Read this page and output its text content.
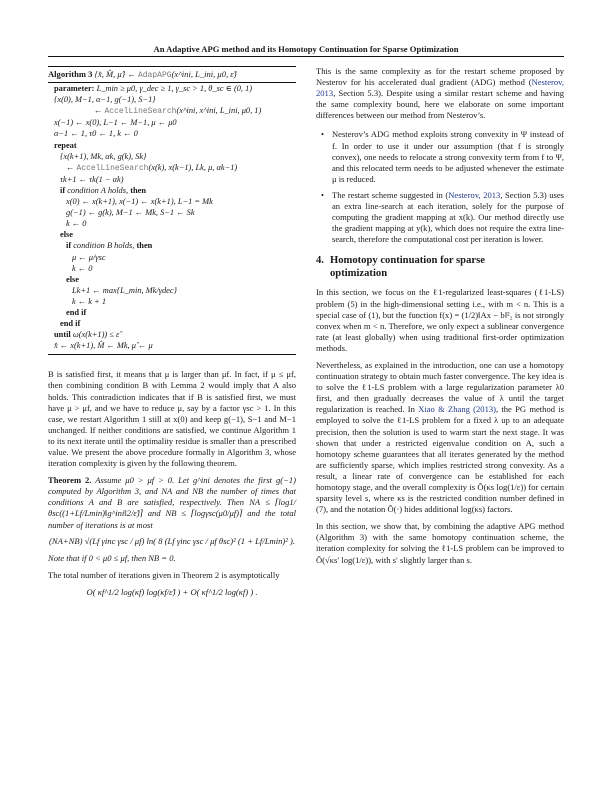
An Adaptive APG method and its Homotopy Continuation for Sparse Optimization
Algorithm 3 {x̂, M̂, μ̂} ← AdapAPG(x^ini, L_ini, μ0, ε̂)
parameter: L_min ≥ μ0, γ_dec ≥ 1, γ_sc > 1, θ_sc ∈ (0, 1)
{x(0), M−1, α−1, g(−1), S−1}
← AccelLineSearch(x^ini, x^ini, L_ini, μ0, 1)
x(−1) ← x(0), L−1 ← M−1, μ ← μ0
α−1 ← 1, τ0 ← 1, k ← 0
repeat
{x(k+1), Mk, αk, g(k), Sk}
← AccelLineSearch(x(k), x(k−1), Lk, μ, αk−1)
τk+1 ← τk(1 − αk)
if condition A holds, then
x(0) ← x(k+1), x(−1) ← x(k+1), L−1 = Mk
g(−1) ← g(k), M−1 ← Mk, S−1 ← Sk
k ← 0
else
if condition B holds, then
μ ← μ/γsc
k ← 0
else
Lk+1 ← max{L_min, Mk/γdec}
k ← k + 1
end if
end if
until ω(x(k+1)) ≤ ε̂
x̂ ← x(k+1), M̂ ← Mk, μ̂ ← μ

B is satisfied first, it means that μ is larger than μf. In fact, if μ ≤ μf, then combining condition B with Lemma 2 would imply that A also holds. This contradiction indicates that if B is satisfied first, we must have μ > μf, and we have to reduce μ, say by a factor γsc > 1. In this case, we restart Algorithm 1 still at x(0) and keep g(−1), S−1 and M−1 unchanged. If neither conditions are satisfied, we continue Algorithm 1 to its next iterate until the optimality residue is smaller than a prescribed value. We present the above procedure formally in Algorithm 3, whose iteration complexity is given by the following theorem.

Theorem 2. Assume μ0 > μf > 0. Let g^ini denotes the first g(−1) computed by Algorithm 3, and NA and NB the number of times that conditions A and B are satisfied, respectively. Then NA ≤ ⌈log1/θsc((1+Lf/Lmin)‖g^ini‖2/ε̂)⌉ and NB ≤ ⌈logγsc(μ0/μf)⌉ and the total number of iterations is at most
(NA+NB) √(Lf γinc γsc / μf) ln( 8 (Lf γinc γsc / μf θsc)² (1 + Lf/Lmin)² ).

Note that if 0 < μ0 ≤ μf, then NB = 0.

The total number of iterations given in Theorem 2 is asymptotically

O( κf^1/2 log(κf) log(κf/ε̂) ) + O( κf^1/2 log(κf) ) .

This is the same complexity as for the restart scheme proposed by Nesterov for his accelerated dual gradient (ADG) method (Nesterov, 2013, Section 5.3). Despite using a similar restart scheme and having the same complexity bound, here we elaborate on some important differences between our method from Nesterov’s.

• Nesterov’s ADG method exploits strong convexity in Ψ instead of f. In order to use it under our assumption (that f is strongly convex), one needs to relocate a strong convexity term from f to Ψ, and this relocated term needs to be adjusted whenever the estimate μ is reduced.
• The restart scheme suggested in (Nesterov, 2013, Section 5.3) uses an extra line-search at each iteration, solely for the purpose of computing the gradient mapping at x(k). Our method directly use the gradient mapping at y(k), which does not require the extra line-search, therefore the computational cost per iteration is lower.
4. Homotopy continuation for sparse
optimization

In this section, we focus on the ℓ1-regularized least-squares (ℓ1-LS) problem (5) in the high-dimensional setting i.e., with m < n. This is a special case of (1), but the function f(x) = (1/2)‖Ax − b‖²₂ is not strongly convex when m < n. Therefore, we only expect a sublinear convergence rate (at least globally) when using traditional first-order optimization methods.

Nevertheless, as explained in the introduction, one can use a homotopy continuation strategy to obtain much faster convergence. The key idea is to solve the ℓ1-LS problem with a large regularization parameter λ0 first, and then gradually decreases the value of λ until the target regularization is reached. In Xiao & Zhang (2013), the PG method is employed to solve the ℓ1-LS problem for a fixed λ up to an adequate precision, then the solution is used to warm start the next stage. It was shown that under a restricted eigenvalue condition on A, such a homotopy scheme guarantees that all iterates generated by the method are sufficiently sparse, which implies restricted strong convexity. As a result, a linear rate of convergence can be established for each homotopy stage, and the overall complexity is Õ(κs log(1/ε)) for certain sparsity level s, where κs is the restricted condition number defined in (7), and the notation Õ(·) hides additional log(κs) factors.

In this section, we show that, by combining the adaptive APG method (Algorithm 3) with the same homotopy continuation scheme, the iteration complexity for solving the ℓ1-LS problem can be improved to Õ(√κs′ log(1/ε)), with s′ slightly larger than s.
